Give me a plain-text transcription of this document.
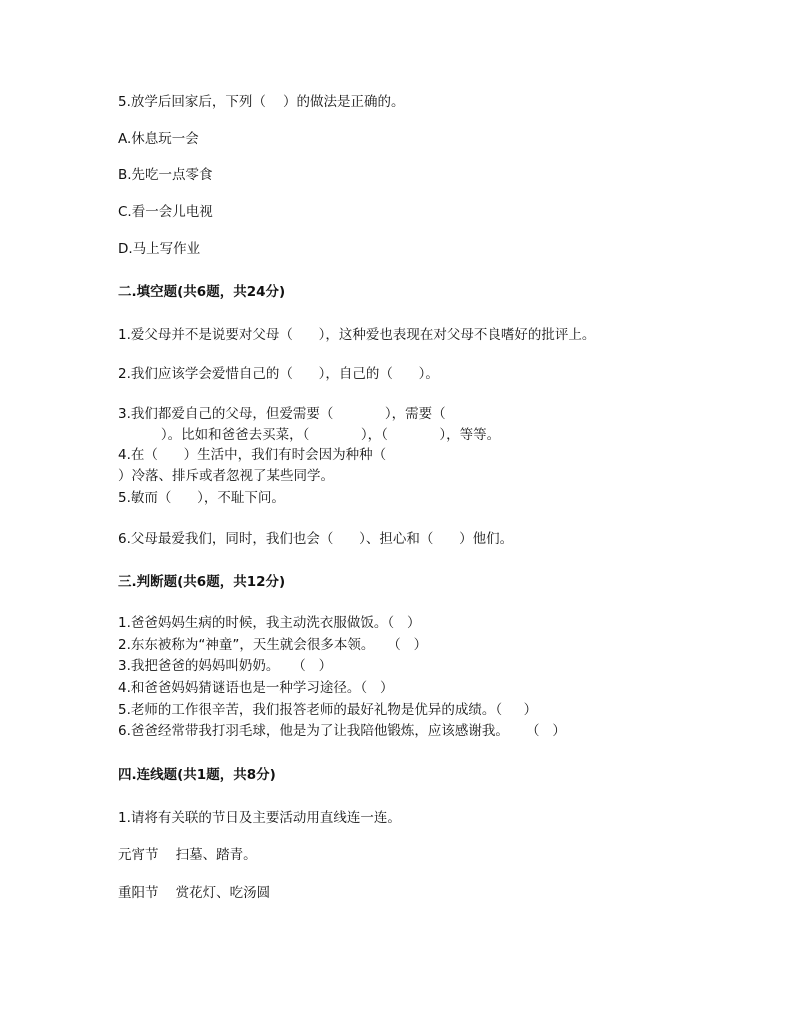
5.放学后回家后，下列（    ）的做法是正确的。
A.休息玩一会
B.先吃一点零食
C.看一会儿电视
D.马上写作业
二.填空题(共6题，共24分)
1.爱父母并不是说要对父母（      ），这种爱也表现在对父母不良嗜好的批评上。
2.我们应该学会爱惜自己的（      ），自己的（      ）。
3.我们都爱自己的父母，但爱需要（            ），需要（
）。比如和爸爸去买菜，（            ），（            ），等等。
4.在（      ）生活中，我们有时会因为种种（
）冷落、排斥或者忽视了某些同学。
5.敏而（      ），不耻下问。
6.父母最爱我们，同时，我们也会（      ）、担心和（      ）他们。
三.判断题(共6题，共12分)
1.爸爸妈妈生病的时候，我主动洗衣服做饭。（   ）
2.东东被称为“神童”，天生就会很多本领。   （   ）
3.我把爸爸的妈妈叫奶奶。   （   ）
4.和爸爸妈妈猜谜语也是一种学习途径。（   ）
5.老师的工作很辛苦，我们报答老师的最好礼物是优异的成绩。（     ）
6.爸爸经常带我打羽毛球，他是为了让我陪他锻炼，应该感谢我。    （   ）
四.连线题(共1题，共8分)
1.请将有关联的节日及主要活动用直线连一连。
元宵节    扫墓、踏青。
重阳节    赏花灯、吃汤圆
